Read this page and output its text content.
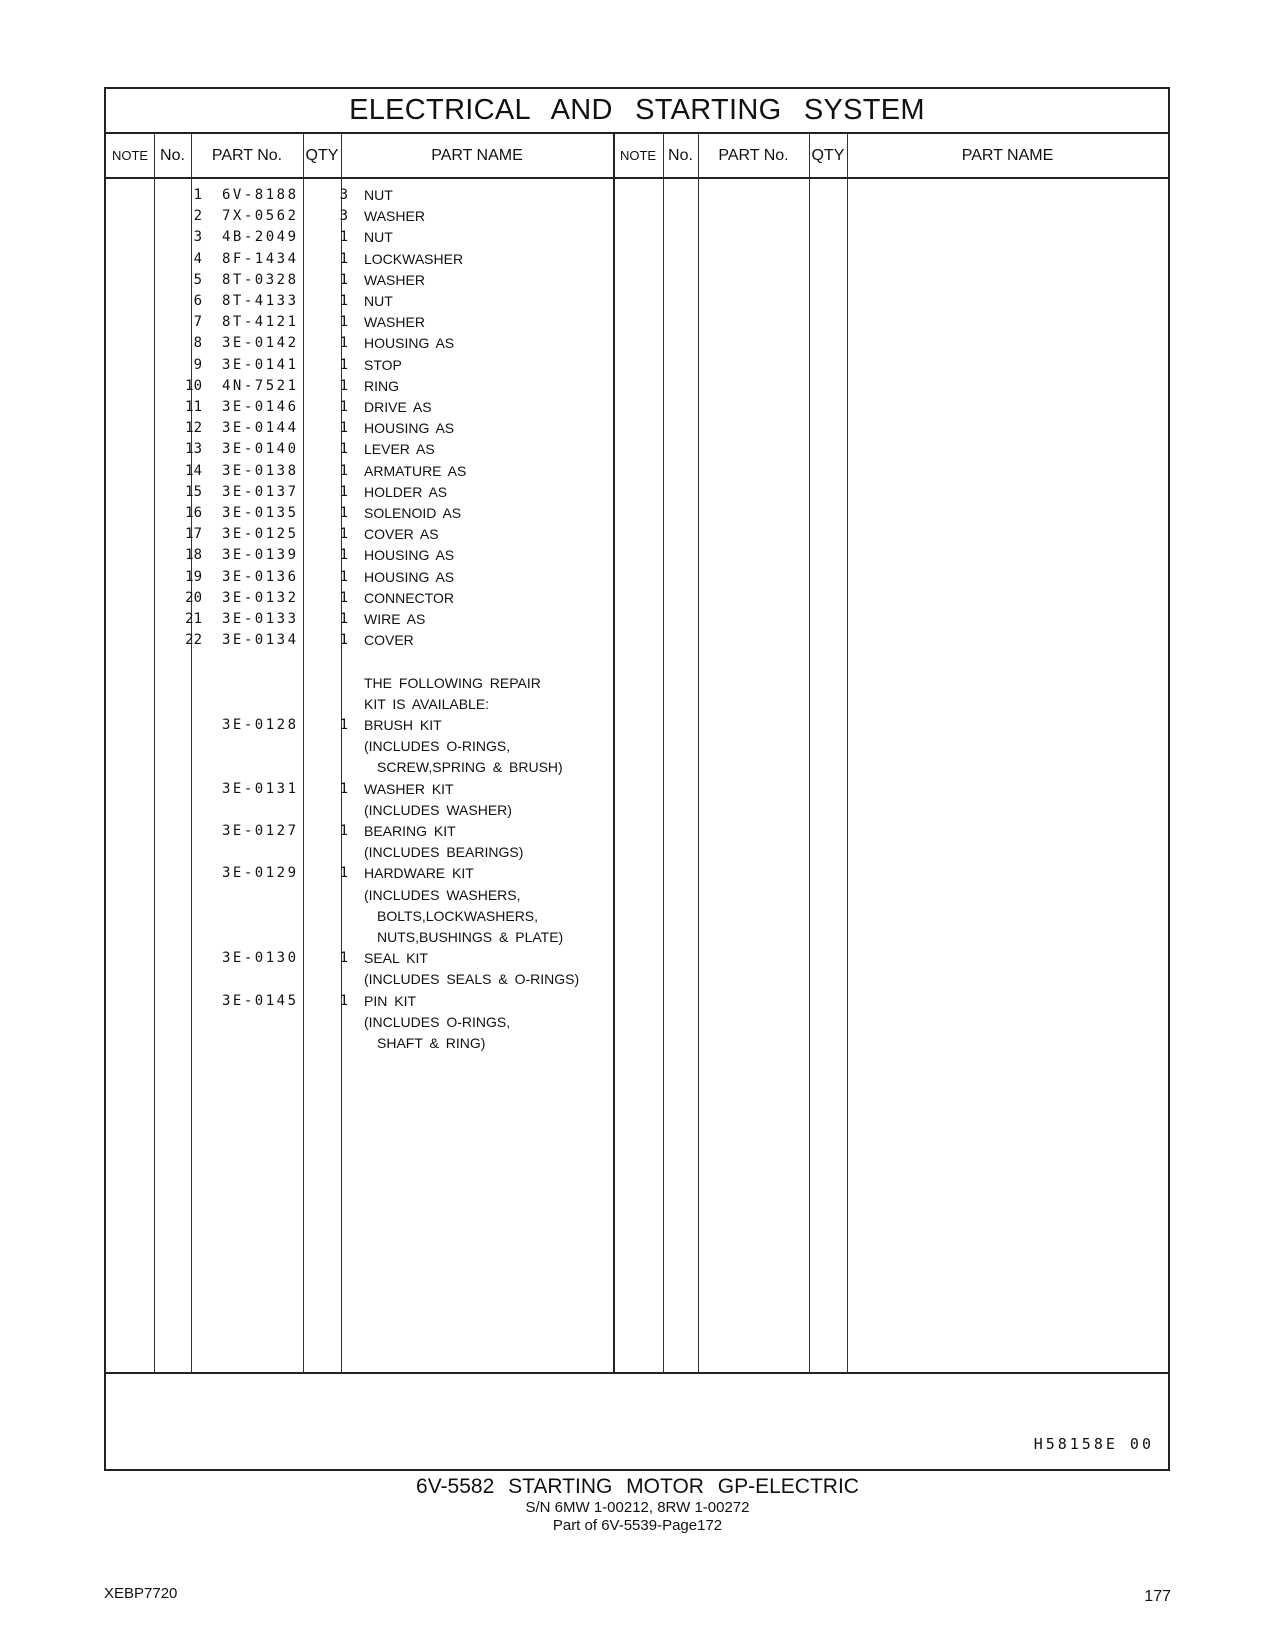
ELECTRICAL AND STARTING SYSTEM
NOTE No.	PART No.	QTY	PART NAME	NOTE No.	PART No.	QTY	PART NAME
1 6V-8188	3 NUT
2 7X-0562	3 WASHER
3 4B-2049	1 NUT
4 8F-1434	1 LOCKWASHER
5 8T-0328	1 WASHER
6 8T-4133	1 NUT
7 8T-4121	1 WASHER
8 3E-0142	1 HOUSING AS
9 3E-0141	1 STOP
10 4N-7521	1 RING
11 3E-0146	1 DRIVE AS
12 3E-0144	1 HOUSING AS
13 3E-0140	1 LEVER AS
14 3E-0138	1 ARMATURE AS
15 3E-0137	1 HOLDER AS
16 3E-0135	1 SOLENOID AS
17 3E-0125	1 COVER AS
18 3E-0139	1 HOUSING AS
19 3E-0136	1 HOUSING AS
20 3E-0132	1 CONNECTOR
21 3E-0133	1 WIRE AS
22 3E-0134	1 COVER
THE FOLLOWING REPAIR
KIT IS AVAILABLE:
3E-0128	1 BRUSH KIT
(INCLUDES O-RINGS,
SCREW,SPRING & BRUSH)
3E-0131	1 WASHER KIT
(INCLUDES WASHER)
3E-0127	1 BEARING KIT
(INCLUDES BEARINGS)
3E-0129	1 HARDWARE KIT
(INCLUDES WASHERS,
BOLTS,LOCKWASHERS,
NUTS,BUSHINGS & PLATE)
3E-0130	1 SEAL KIT
(INCLUDES SEALS & O-RINGS)
3E-0145	1 PIN KIT
(INCLUDES O-RINGS,
SHAFT & RING)
H58158E 00
6V-5582 STARTING MOTOR GP-ELECTRIC
S/N 6MW 1-00212, 8RW 1-00272
Part of 6V-5539-Page172
XEBP7720	177
